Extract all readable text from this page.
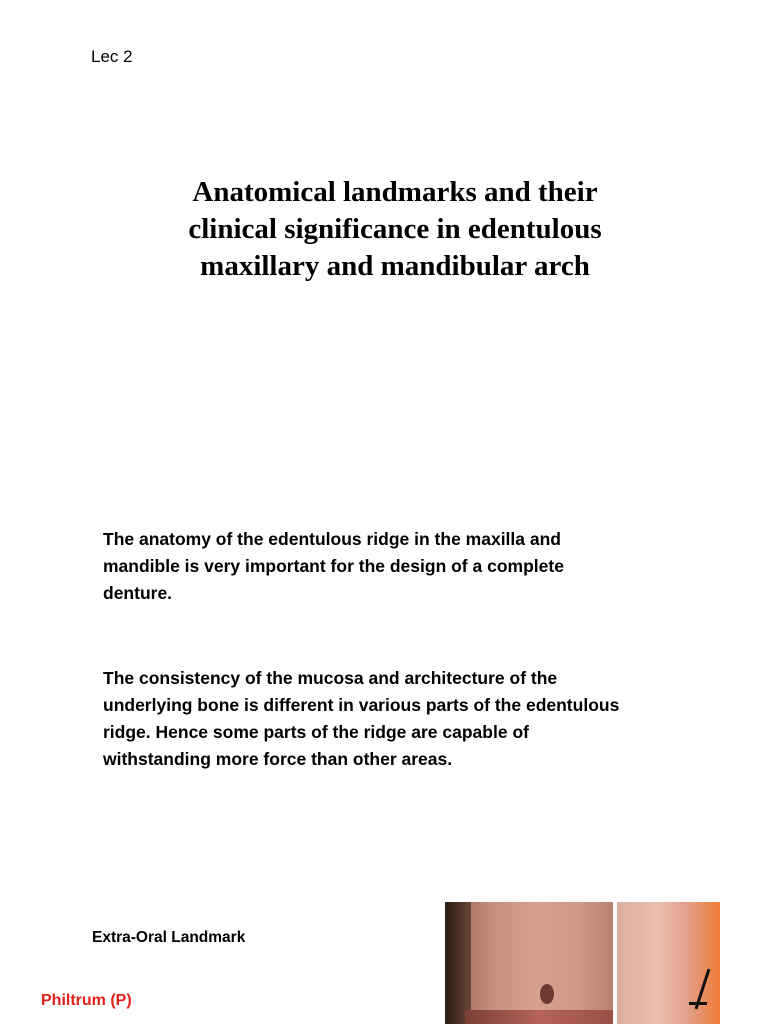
Lec 2
Anatomical landmarks and their
clinical significance in edentulous
maxillary and mandibular arch
The anatomy of the edentulous ridge in the maxilla and
mandible is very important for the design of a complete
denture.
The consistency of the mucosa and architecture of the
underlying bone is different in various parts of the edentulous
ridge. Hence some parts of the ridge are capable of
withstanding more force than other areas.
Extra-Oral Landmark
Philtrum (P)
